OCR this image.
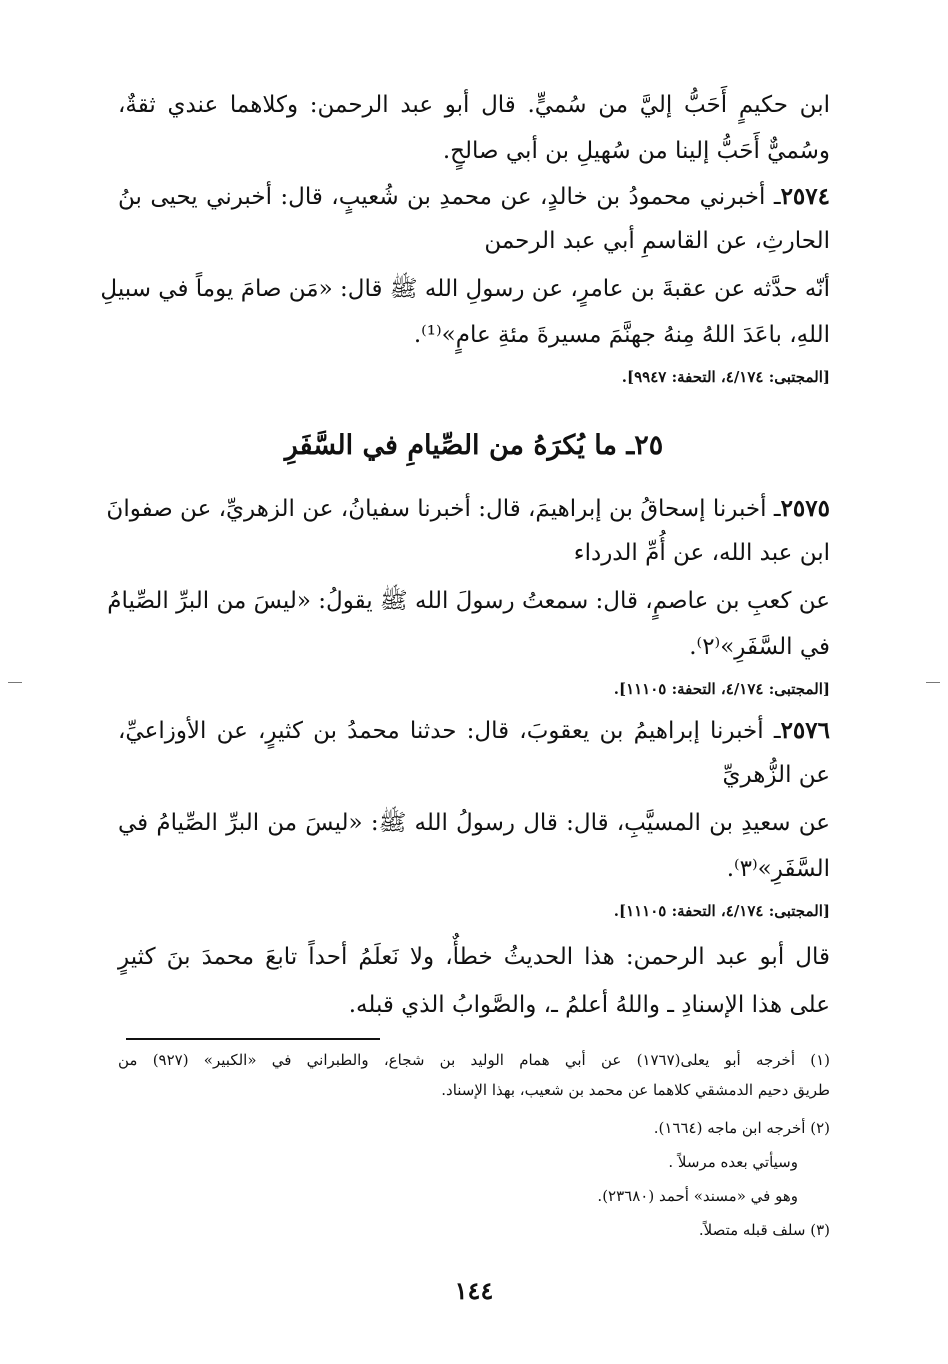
ابن حكيمٍ أَحَبُّ إليَّ من سُميٍّ. قال أبو عبد الرحمن: وكلاهما عندي ثقةٌ،
وسُميٌّ أَحَبُّ إلينا من سُهيلِ بن أبي صالحٍ.
٢٥٧٤ـ أخبرني محمودُ بن خالدٍ، عن محمدِ بن شُعيبٍ، قال: أخبرني يحيى بنُ
الحارثِ، عن القاسمِ أبي عبد الرحمن
أنّه حدَّثه عن عقبةَ بن عامرٍ، عن رسولِ الله ﷺ قال: «مَن صامَ يوماً في سبيلِ
اللهِ، باعَدَ اللهُ مِنهُ جهنَّمَ مسيرةَ مئةِ عامٍ»⁽¹⁾.
[المجتبى: ٤/١٧٤، التحفة: ٩٩٤٧].
٢٥ـ ما يُكرَهُ من الصِّيامِ في السَّفَرِ
٢٥٧٥ـ أخبرنا إسحاقُ بن إبراهيمَ، قال: أخبرنا سفيانُ، عن الزهريِّ، عن صفوانَ
ابن عبد الله، عن أُمِّ الدرداء
عن كعبِ بن عاصمٍ، قال: سمعتُ رسولَ الله ﷺ يقولُ: «ليسَ من البرِّ الصِّيامُ
في السَّفَرِ»⁽٢⁾.
[المجتبى: ٤/١٧٤، التحفة: ١١١٠٥].
٢٥٧٦ـ أخبرنا إبراهيمُ بن يعقوبَ، قال: حدثنا محمدُ بن كثيرٍ، عن الأوزاعيِّ،
عن الزُّهريِّ
عن سعيدِ بن المسيَّبِ، قال: قال رسولُ الله ﷺ: «ليسَ من البرِّ الصِّيامُ في
السَّفَرِ»⁽٣⁾.
[المجتبى: ٤/١٧٤، التحفة: ١١١٠٥].
قال أبو عبد الرحمن: هذا الحديثُ خطأٌ، ولا نَعلَمُ أحداً تابعَ محمدَ بنَ كثيرٍ
على هذا الإسنادِ ـ واللهُ أعلمُ ـ، والصَّوابُ الذي قبله.
(١) أخرجه أبو يعلى(١٧٦٧) عن أبي همام الوليد بن شجاع، والطبراني في «الكبير» (٩٢٧) من
طريق دحيم الدمشقي كلاهما عن محمد بن شعيب، بهذا الإسناد.
(٢) أخرجه ابن ماجه (١٦٦٤).
وسيأتي بعده مرسلاً .
وهو في «مسند» أحمد (٢٣٦٨٠).
(٣) سلف قبله متصلاً.
١٤٤
